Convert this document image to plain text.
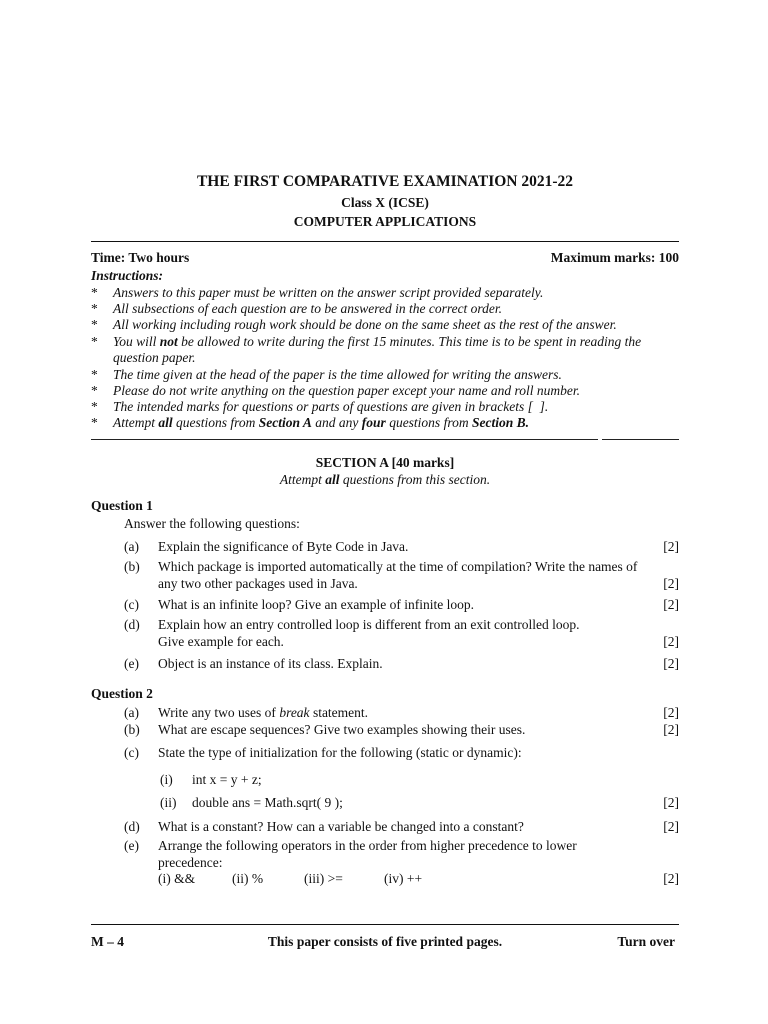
THE FIRST COMPARATIVE EXAMINATION 2021-22
Class X (ICSE)
COMPUTER APPLICATIONS
Time: Two hours	Maximum marks: 100
Instructions:
* Answers to this paper must be written on the answer script provided separately.
* All subsections of each question are to be answered in the correct order.
* All working including rough work should be done on the same sheet as the rest of the answer.
* You will not be allowed to write during the first 15 minutes. This time is to be spent in reading the question paper.
* The time given at the head of the paper is the time allowed for writing the answers.
* Please do not write anything on the question paper except your name and roll number.
* The intended marks for questions or parts of questions are given in brackets [  ].
* Attempt all questions from Section A and any four questions from Section B.
SECTION A [40 marks]
Attempt all questions from this section.
Question 1
Answer the following questions:
(a) Explain the significance of Byte Code in Java.	[2]
(b) Which package is imported automatically at the time of compilation? Write the names of any two other packages used in Java.	[2]
(c) What is an infinite loop? Give an example of infinite loop.	[2]
(d) Explain how an entry controlled loop is different from an exit controlled loop. Give example for each.	[2]
(e) Object is an instance of its class. Explain.	[2]
Question 2
(a) Write any two uses of break statement.	[2]
(b) What are escape sequences? Give two examples showing their uses.	[2]
(c) State the type of initialization for the following (static or dynamic):
(i) int x = y + z;
(ii) double ans = Math.sqrt( 9 );	[2]
(d) What is a constant? How can a variable be changed into a constant?	[2]
(e) Arrange the following operators in the order from higher precedence to lower precedence:
(i) &&	(ii) %	(iii) >=	(iv) ++	[2]
M – 4	This paper consists of five printed pages.	Turn over
